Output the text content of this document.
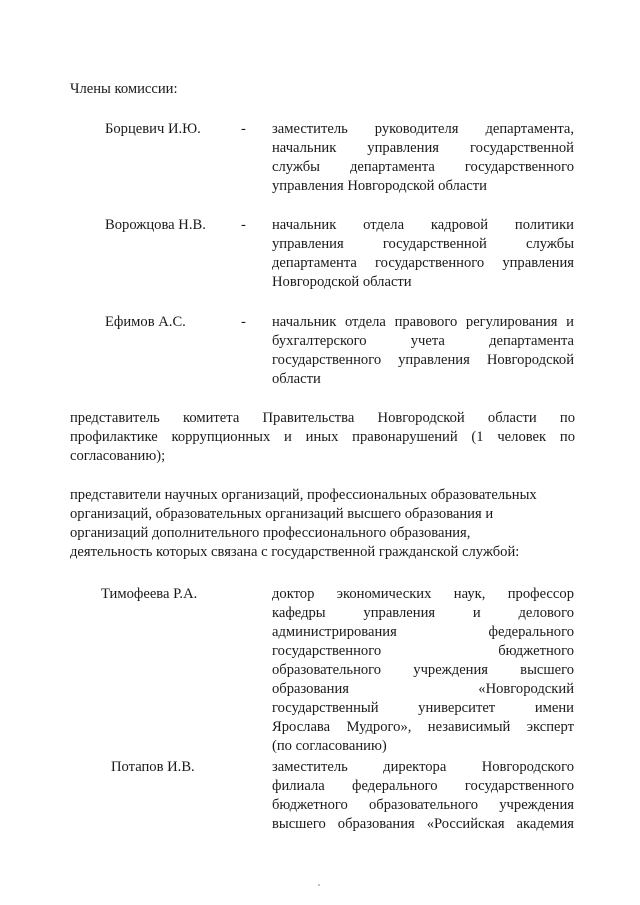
Члены комиссии:
Борцевич И.Ю.	- заместитель руководителя департамента,
начальник управления государственной
службы департамента государственного
управления Новгородской области
Ворожцова Н.В. - начальник отдела кадровой политики
управления государственной службы
департамента государственного управления
Новгородской области
Ефимов А.С.	- начальник отдела правового регулирования и
бухгалтерского учета департамента
государственного управления Новгородской
области
представитель комитета Правительства Новгородской области по
профилактике коррупционных и иных правонарушений (1 человек по
согласованию);
представители научных организаций, профессиональных образовательных
организаций, образовательных организаций высшего образования и
организаций дополнительного профессионального образования,
деятельность которых связана с государственной гражданской службой:
Тимофеева Р.А.	доктор экономических наук, профессор
кафедры управления и делового
администрирования федерального
государственного бюджетного
образовательного учреждения высшего
образования «Новгородский
государственный университет имени
Ярослава Мудрого», независимый эксперт
(по согласованию)
Потапов И.В.	заместитель директора Новгородского
филиала федерального государственного
бюджетного образовательного учреждения
высшего образования «Российская академия
